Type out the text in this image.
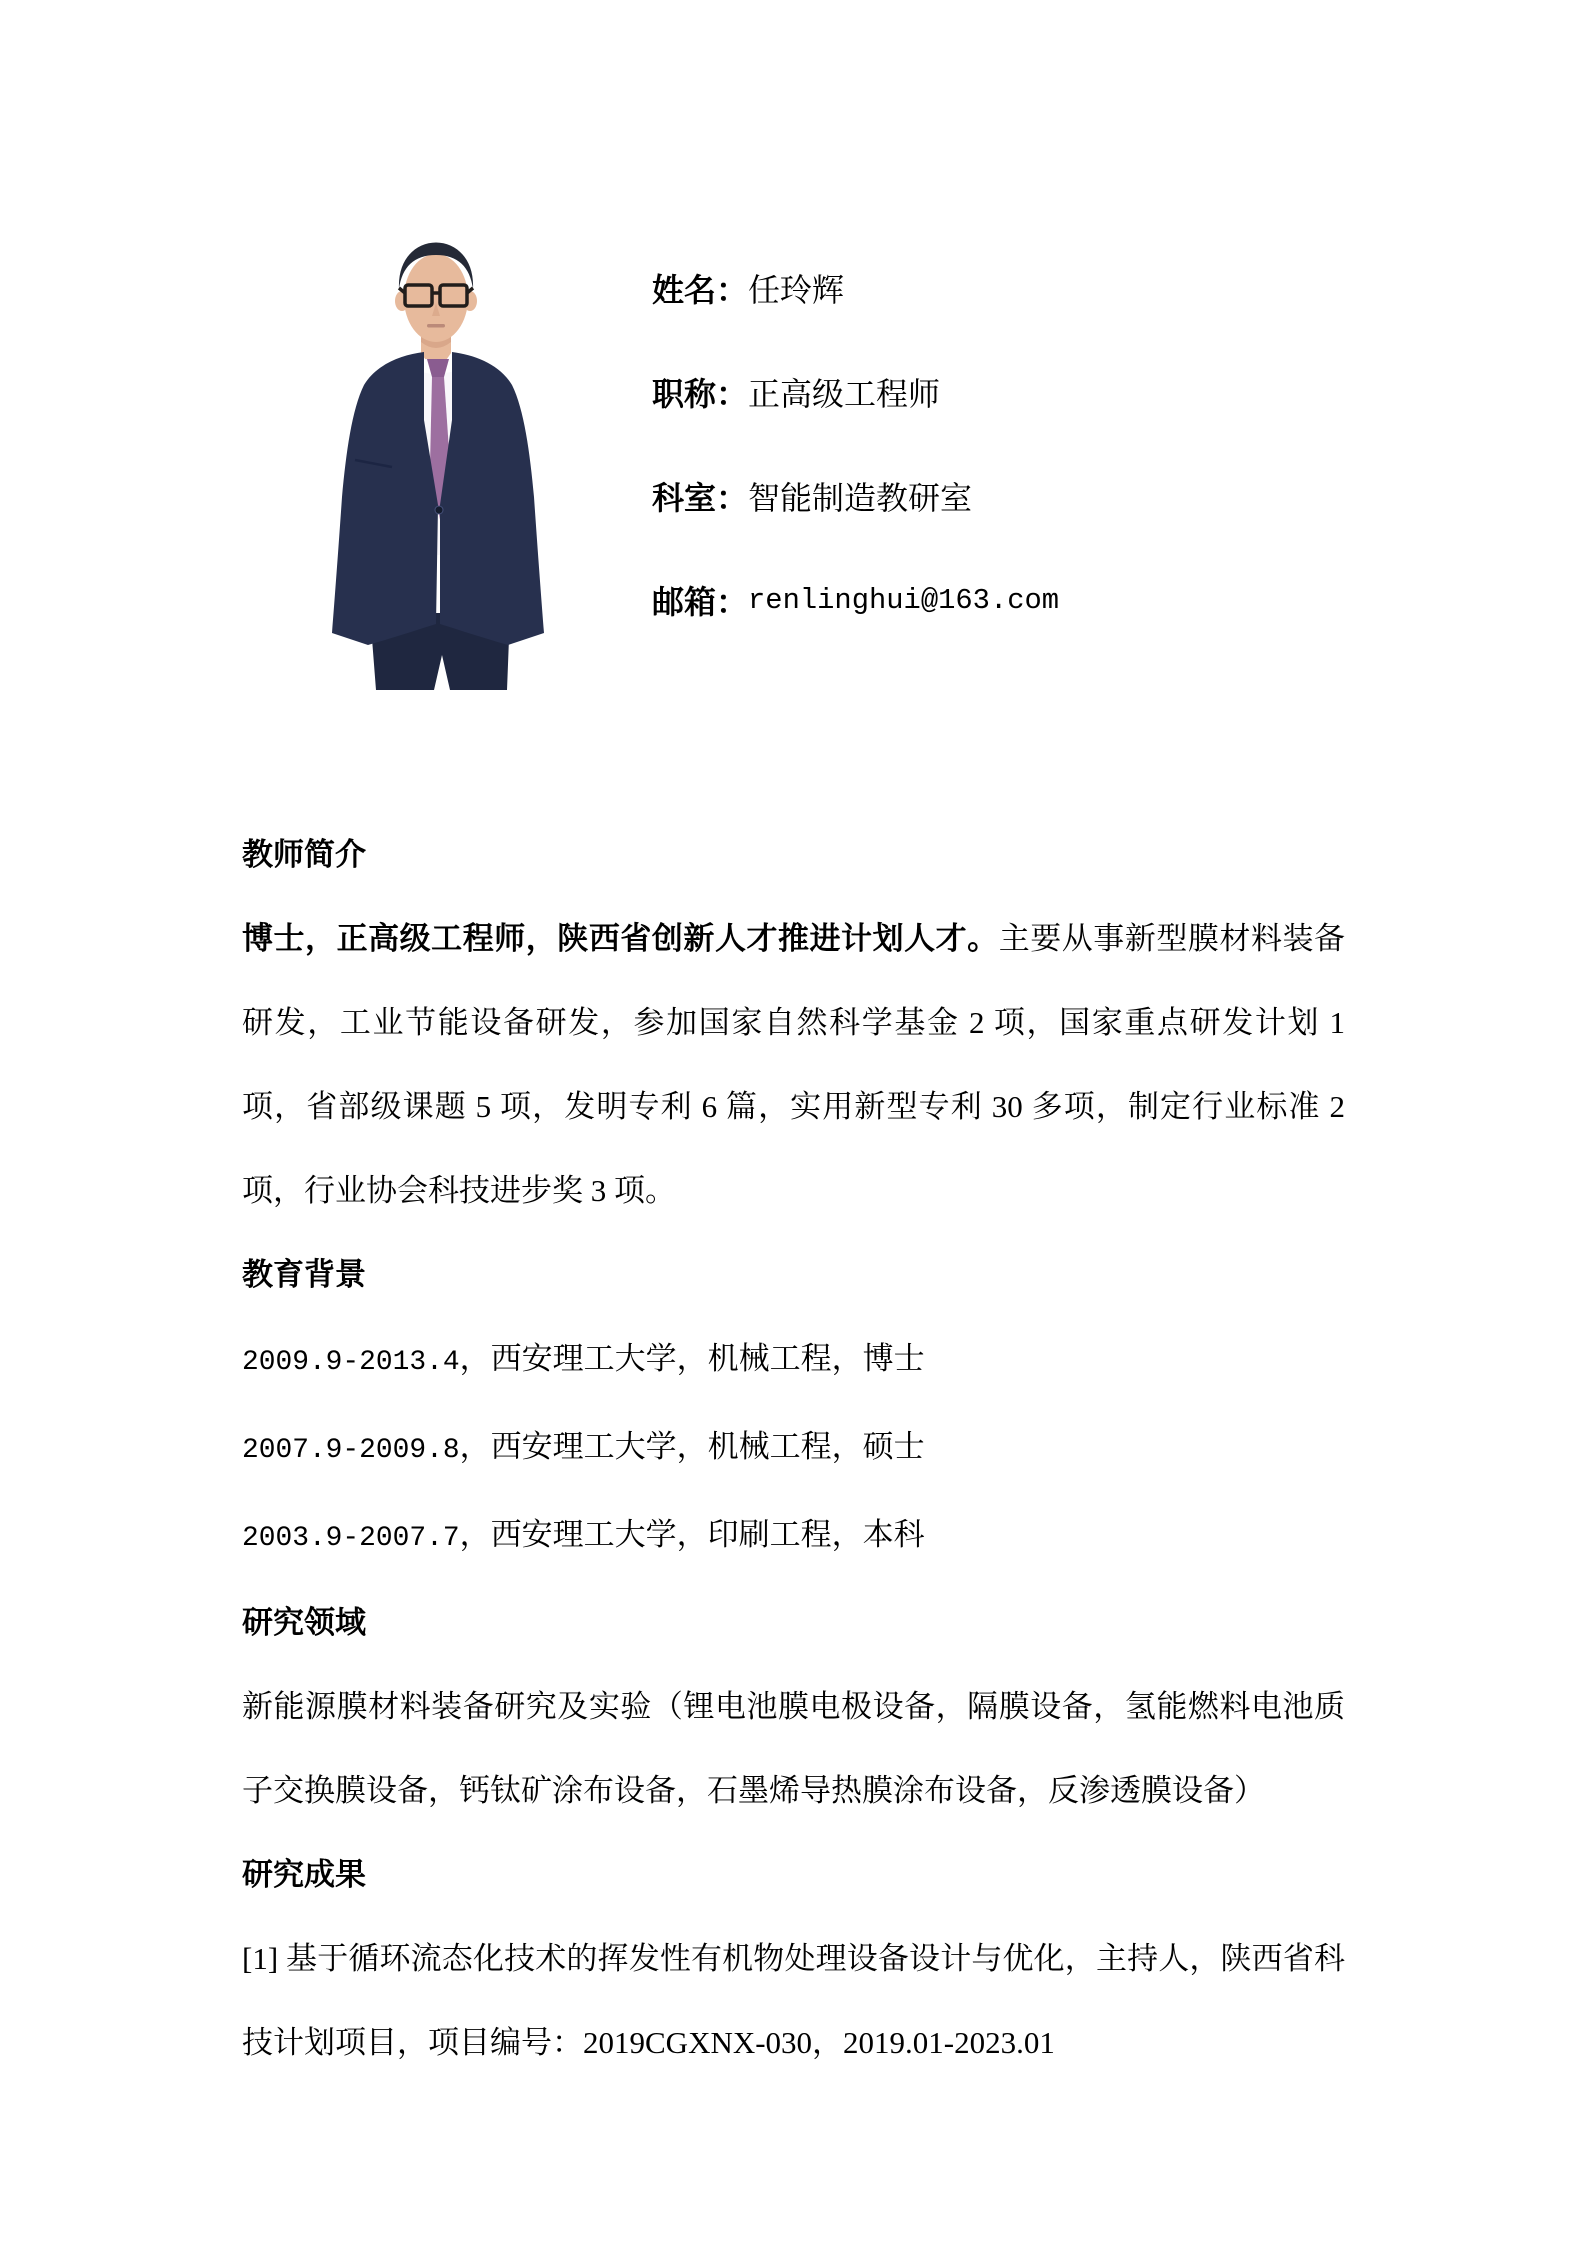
姓名： 任玲辉
职称： 正高级工程师
科室： 智能制造教研室
邮箱： renlinghui@163.com
教师简介

博士，正高级工程师，陕西省创新人才推进计划人才。主要从事新型膜材料装备研发，工业节能设备研发，参加国家自然科学基金 2 项，国家重点研发计划 1 项，省部级课题 5 项，发明专利 6 篇，实用新型专利 30 多项，制定行业标准 2 项，行业协会科技进步奖 3 项。

教育背景

2009.9-2013.4，西安理工大学，机械工程，博士

2007.9-2009.8，西安理工大学，机械工程，硕士

2003.9-2007.7，西安理工大学，印刷工程，本科

研究领域

新能源膜材料装备研究及实验（锂电池膜电极设备，隔膜设备，氢能燃料电池质子交换膜设备，钙钛矿涂布设备，石墨烯导热膜涂布设备，反渗透膜设备）

研究成果

[1] 基于循环流态化技术的挥发性有机物处理设备设计与优化，主持人，陕西省科技计划项目，项目编号：2019CGXNX-030，2019.01-2023.01
